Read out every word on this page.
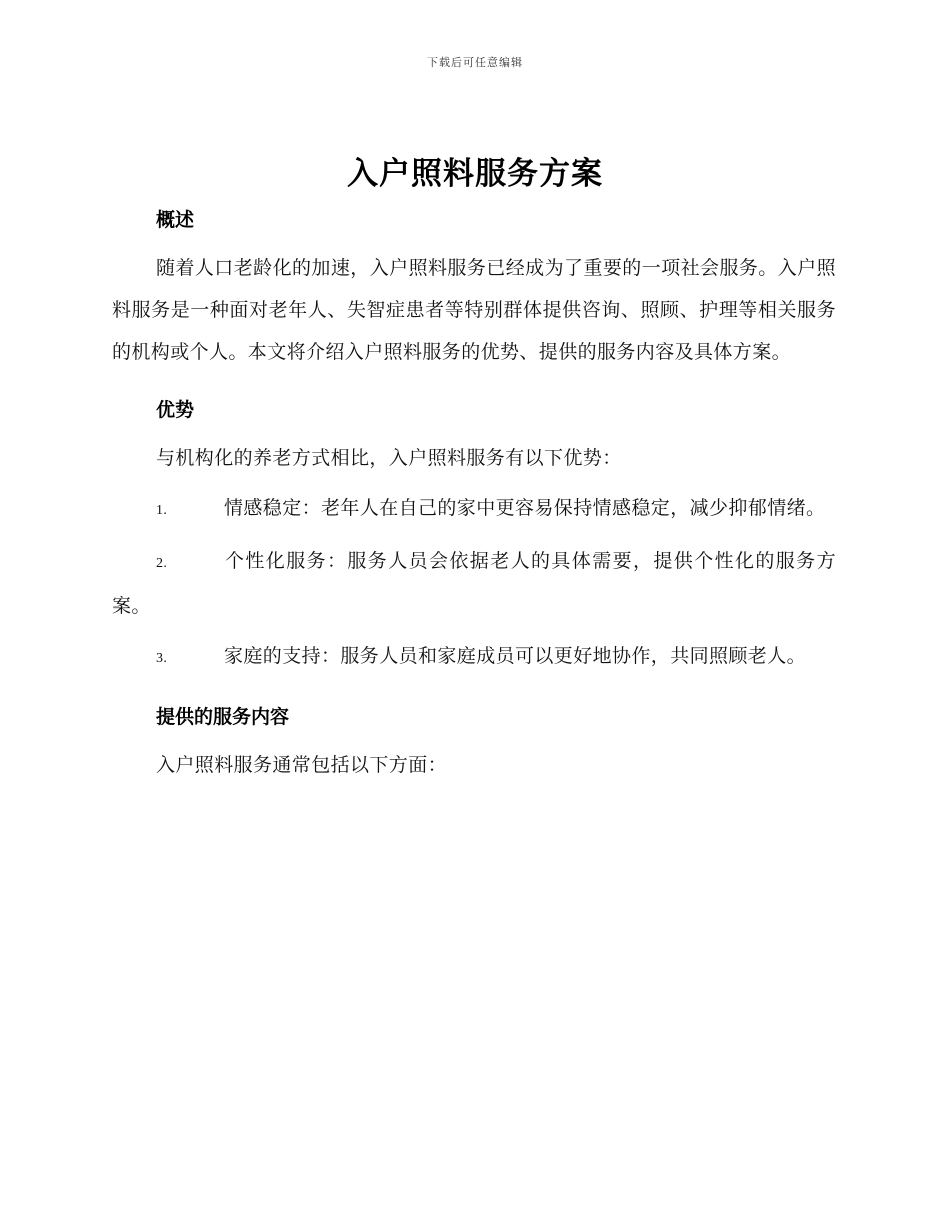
下载后可任意编辑
入户照料服务方案

概述

随着人口老龄化的加速，入户照料服务已经成为了重要的一项社会服务。入户照料服务是一种面对老年人、失智症患者等特别群体提供咨询、照顾、护理等相关服务的机构或个人。本文将介绍入户照料服务的优势、提供的服务内容及具体方案。

优势

与机构化的养老方式相比，入户照料服务有以下优势：

1.	情感稳定：老年人在自己的家中更容易保持情感稳定，减少抑郁情绪。

2.	个性化服务：服务人员会依据老人的具体需要，提供个性化的服务方案。

3.	家庭的支持：服务人员和家庭成员可以更好地协作，共同照顾老人。

提供的服务内容

入户照料服务通常包括以下方面：
